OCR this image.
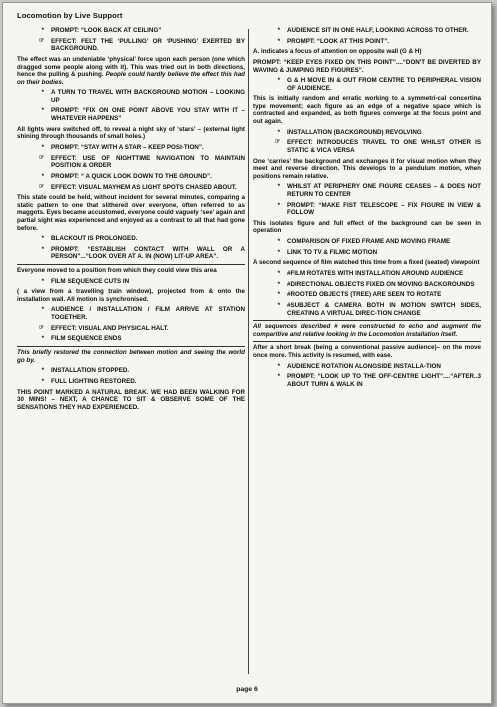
Locomotion by Live Support
*	PROMPT: “LOOK BACK AT CEILING”
☞	EFFECT: FELT THE ‘PULLING’ OR ‘PUSHING’ EXERTED BY BACKGROUND.

The effect was an undeniable ‘physical’ force upon each person (one which dragged some people along with it). This was tried out in both directions, hence the pulling & pushing. People could hardly believe the effect this had on their bodies.

*	A TURN TO TRAVEL WITH BACKGROUND MOTION – LOOKING UP
*	PROMPT: “FIX ON ONE POINT ABOVE YOU STAY WITH IT – WHATEVER HAPPENS”

All lights were switched off, to reveal a night sky of ‘stars’ – (external light shining through thousands of small holes.)

*	PROMPT: “STAY WITH A STAR – KEEP POSI-TION”.
☞	EFFECT: USE OF NIGHTTIME NAVIGATION TO MAINTAIN POSITION & ORDER
*	PROMPT: “ A QUICK LOOK DOWN TO THE GROUND”.
☞	EFFECT: VISUAL MAYHEM AS LIGHT SPOTS CHASED ABOUT.

This state could be held, without incident for several minutes, comparing a static pattern to one that slithered over everyone, often referred to as maggots. Eyes became accustomed, everyone could vaguely ‘see’ again and partial sight was experienced and enjoyed as a contrast to all that had gone before.

*	BLACKOUT IS PROLONGED.
*	PROMPT: “ESTABLISH CONTACT WITH WALL OR A PERSON”...“LOOK OVER AT A. IN (NOW) LIT-UP AREA”.

Everyone moved to a position from which they could view this area

*	FILM SEQUENCE CUTS IN

( a view from a travelling train window), projected from & onto the installation wall. All motion is synchronised.

*	AUDIENCE / INSTALLATION / FILM ARRIVE AT STATION TOGETHER.
☞	EFFECT: VISUAL AND PHYSICAL HALT.
*	FILM SEQUENCE ENDS

This briefly restored the connection between motion and seeing the world go by.

*	INSTALLATION STOPPED.
*	FULL LIGHTING RESTORED.

THIS POINT MARKED A NATURAL BREAK. WE HAD BEEN WALKING FOR 30 MINS! – NEXT, A CHANCE TO SIT & OBSERVE SOME OF THE SENSATIONS THEY HAD EXPERIENCED.

*	AUDIENCE SIT IN ONE HALF, LOOKING ACROSS TO OTHER.
*	PROMPT: “LOOK AT THIS POINT”.

A. indicates a focus of attention on opposite wall (G & H)

PROMPT: “KEEP EYES FIXED ON THIS POINT”....“DON'T BE DIVERTED BY WAVING & JUMPING RED FIGURES”.

*	G & H MOVE IN & OUT FROM CENTRE TO PERIPHERAL VISION OF AUDIENCE.

This is initially random and erratic working to a symmetri-cal concertina type movement; each figure as an edge of a negative space which is contracted and expanded, as both figures converge at the focus point and out again.

*	INSTALLATION (BACKGROUND) REVOLVING
☞	EFFECT: INTRODUCES TRAVEL TO ONE WHILST OTHER IS STATIC & VICA VERSA

One ‘carries’ the background and exchanges it for visual motion when they meet and reverse direction. This develops to a pendulum motion, when positions remain relative.

*	WHILST AT PERIPHERY ONE FIGURE CEASES – & DOES NOT RETURN TO CENTER
*	PROMPT: “MAKE FIST TELESCOPE – FIX FIGURE IN VIEW & FOLLOW

This isolates figure and full effect of the background can be seen in operation

*	COMPARISON OF FIXED FRAME AND MOVING FRAME
*	LINK TO TV & FILMIC MOTION

A second sequence of film watched this time from a fixed (seated) viewpoint

*	#FILM ROTATES WITH INSTALLATION AROUND AUDIENCE
*	#DIRECTIONAL OBJECTS FIXED ON MOVING BACKGROUNDS
*	#ROOTED OBJECTS (TREE) ARE SEEN TO ROTATE
*	#SUBJECT & CAMERA BOTH IN MOTION SWITCH SIDES, CREATING A VIRTUAL DIREC-TION CHANGE

All sequences described # were constructed to echo and augment the comparitive and relative looking in the Locomotion installation itself.

After a short break (being a conventional passive audience)– on the move once more. This activity is resumed, with ease.

*	AUDIENCE ROTATION ALONGSIDE INSTALLA-TION
*	PROMPT: “LOOK UP TO THE OFF-CENTRE LIGHT”....“AFTER..3 ABOUT TURN & WALK IN
page 6
